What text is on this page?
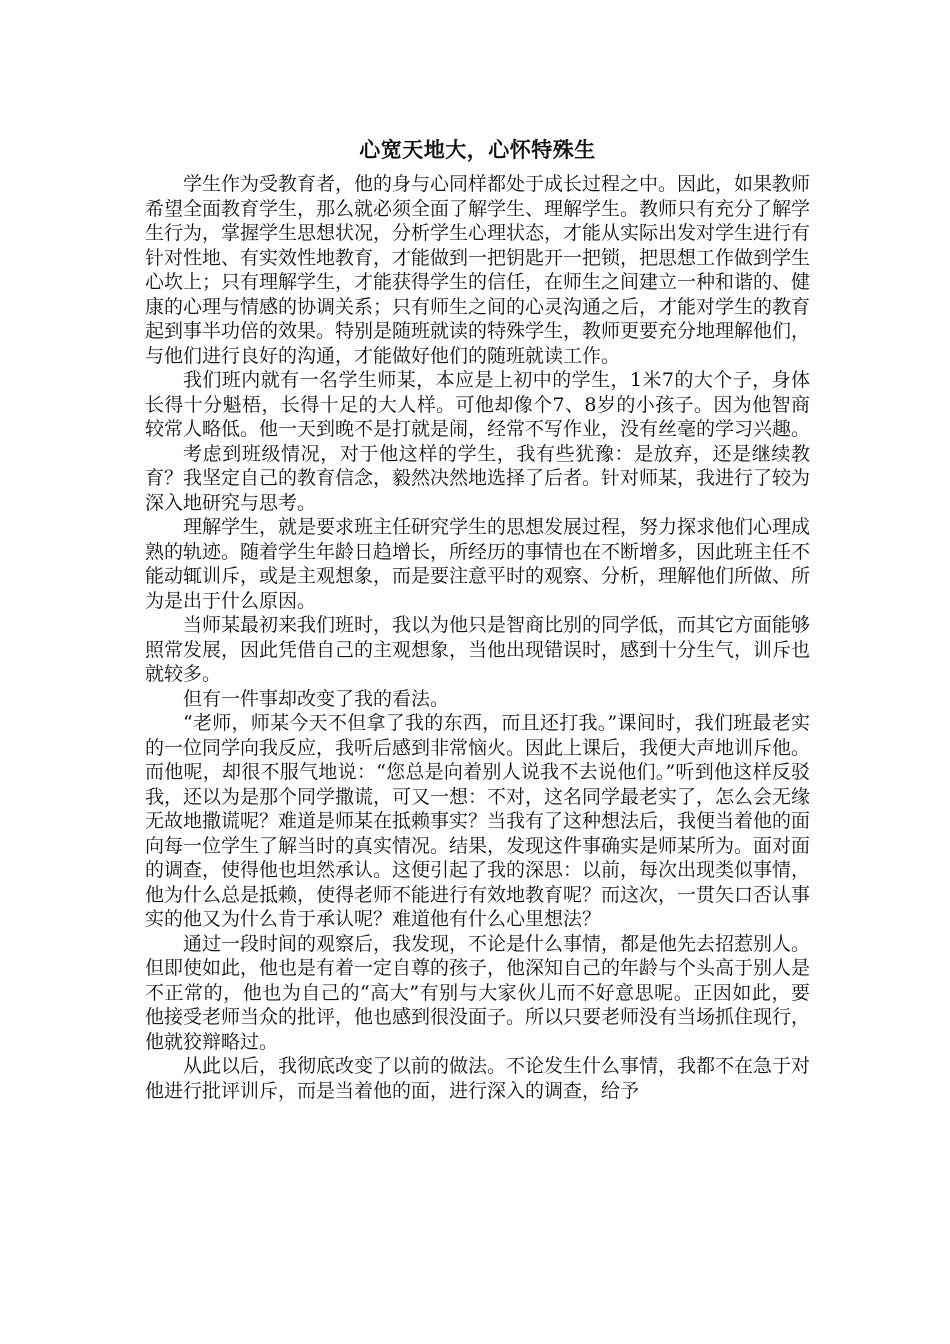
心宽天地大，心怀特殊生

学生作为受教育者，他的身与心同样都处于成长过程之中。因此，如果教师希望全面教育学生，那么就必须全面了解学生、理解学生。教师只有充分了解学生行为，掌握学生思想状况，分析学生心理状态，才能从实际出发对学生进行有针对性地、有实效性地教育，才能做到一把钥匙开一把锁，把思想工作做到学生心坎上；只有理解学生，才能获得学生的信任，在师生之间建立一种和谐的、健康的心理与情感的协调关系；只有师生之间的心灵沟通之后，才能对学生的教育起到事半功倍的效果。特别是随班就读的特殊学生，教师更要充分地理解他们，与他们进行良好的沟通，才能做好他们的随班就读工作。

我们班内就有一名学生师某，本应是上初中的学生，1米7的大个子，身体长得十分魁梧，长得十足的大人样。可他却像个7、8岁的小孩子。因为他智商较常人略低。他一天到晚不是打就是闹，经常不写作业，没有丝毫的学习兴趣。

考虑到班级情况，对于他这样的学生，我有些犹豫：是放弃，还是继续教育？我坚定自己的教育信念，毅然决然地选择了后者。针对师某，我进行了较为深入地研究与思考。

理解学生，就是要求班主任研究学生的思想发展过程，努力探求他们心理成熟的轨迹。随着学生年龄日趋增长，所经历的事情也在不断增多，因此班主任不能动辄训斥，或是主观想象，而是要注意平时的观察、分析，理解他们所做、所为是出于什么原因。

当师某最初来我们班时，我以为他只是智商比别的同学低，而其它方面能够照常发展，因此凭借自己的主观想象，当他出现错误时，感到十分生气，训斥也就较多。

但有一件事却改变了我的看法。

“老师，师某今天不但拿了我的东西，而且还打我。”课间时，我们班最老实的一位同学向我反应，我听后感到非常恼火。因此上课后，我便大声地训斥他。而他呢，却很不服气地说：“您总是向着别人说我不去说他们。”听到他这样反驳我，还以为是那个同学撒谎，可又一想：不对，这名同学最老实了，怎么会无缘无故地撒谎呢？难道是师某在抵赖事实？当我有了这种想法后，我便当着他的面向每一位学生了解当时的真实情况。结果，发现这件事确实是师某所为。面对面的调查，使得他也坦然承认。这便引起了我的深思：以前，每次出现类似事情，他为什么总是抵赖，使得老师不能进行有效地教育呢？而这次，一贯矢口否认事实的他又为什么肯于承认呢？难道他有什么心里想法？

通过一段时间的观察后，我发现，不论是什么事情，都是他先去招惹别人。但即使如此，他也是有着一定自尊的孩子，他深知自己的年龄与个头高于别人是不正常的，他也为自己的“高大”有别与大家伙儿而不好意思呢。正因如此，要他接受老师当众的批评，他也感到很没面子。所以只要老师没有当场抓住现行，他就狡辩略过。

从此以后，我彻底改变了以前的做法。不论发生什么事情，我都不在急于对他进行批评训斥，而是当着他的面，进行深入的调查，给予
